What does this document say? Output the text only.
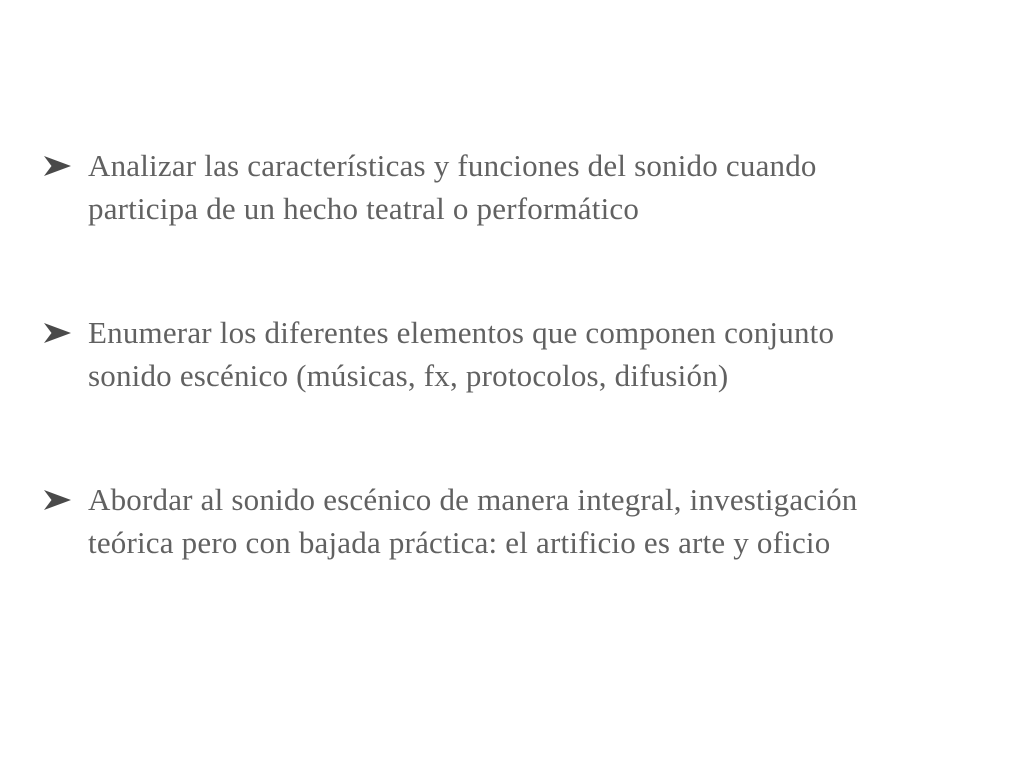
Analizar las características y funciones del sonido cuando
participa de un hecho teatral o performático
Enumerar los diferentes elementos que componen conjunto
sonido escénico (músicas, fx, protocolos, difusión)
Abordar al sonido escénico de manera integral, investigación
teórica pero con bajada práctica: el artificio es arte y oficio
